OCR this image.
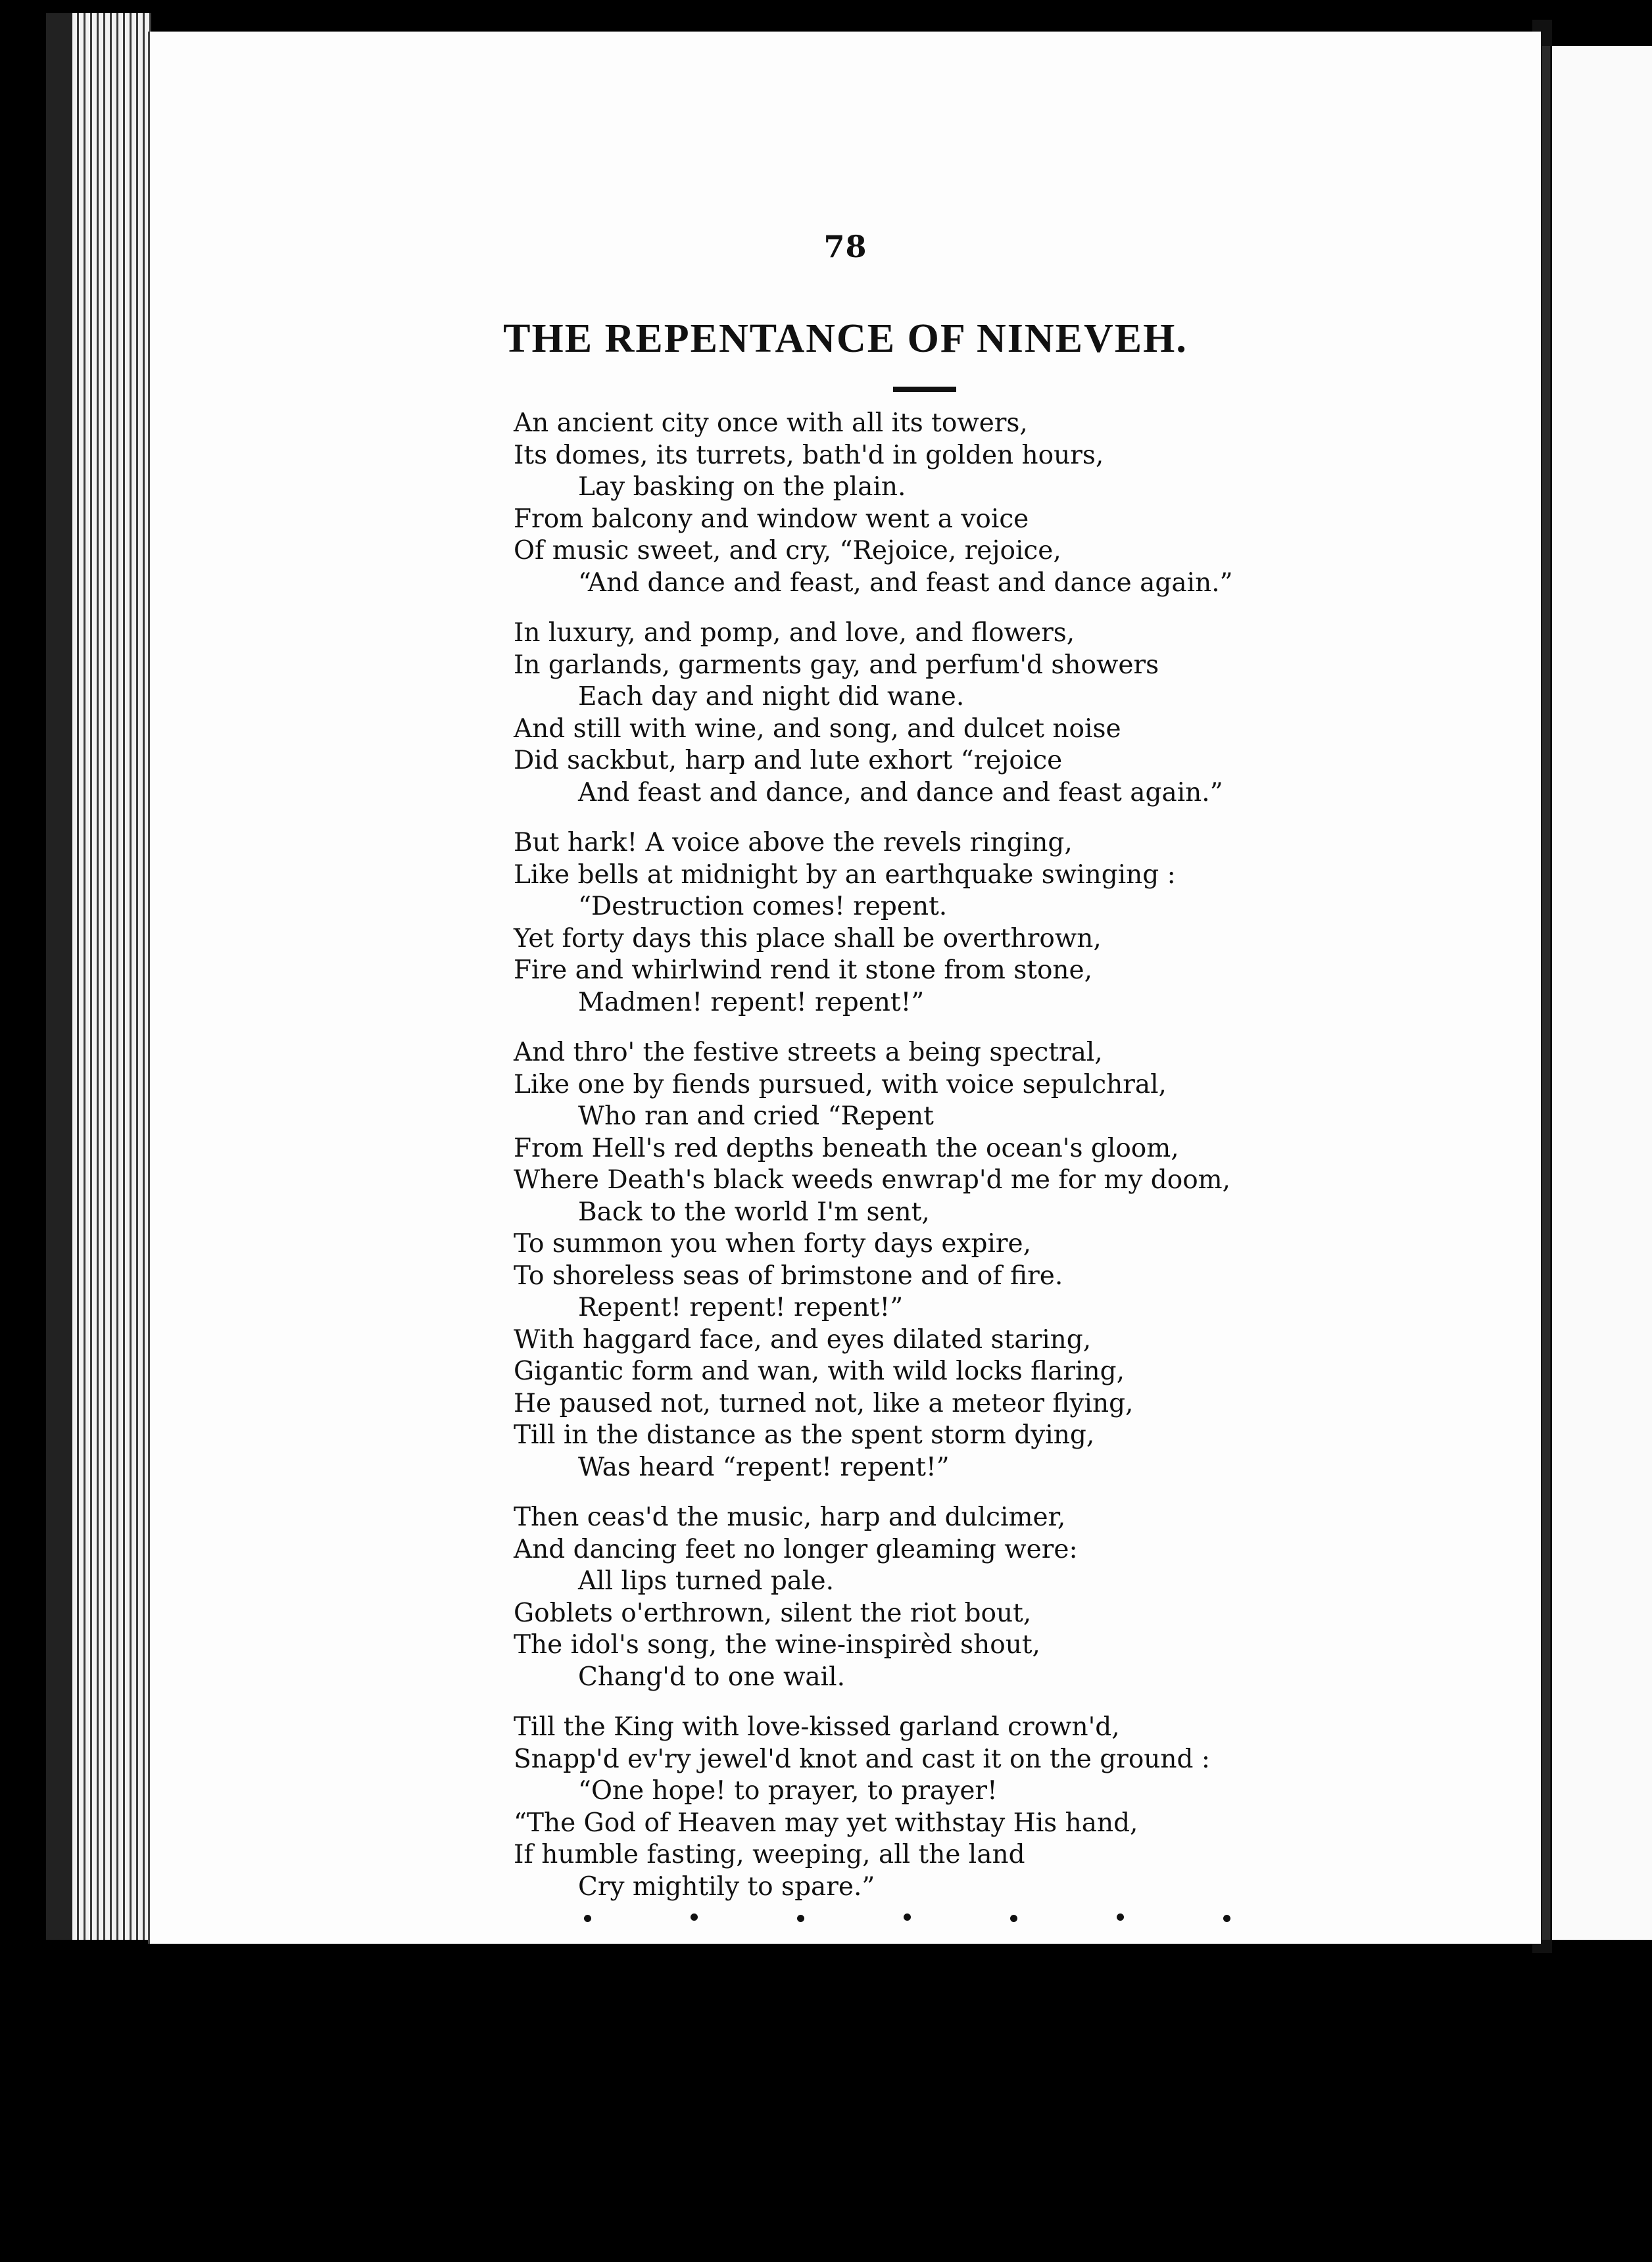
78
THE REPENTANCE OF NINEVEH.
An ancient city once with all its towers,
Its domes, its turrets, bath'd in golden hours,
Lay basking on the plain.
From balcony and window went a voice
Of music sweet, and cry, “Rejoice, rejoice,
“And dance and feast, and feast and dance again.”
In luxury, and pomp, and love, and flowers,
In garlands, garments gay, and perfum'd showers
Each day and night did wane.
And still with wine, and song, and dulcet noise
Did sackbut, harp and lute exhort “rejoice
And feast and dance, and dance and feast again.”
But hark! A voice above the revels ringing,
Like bells at midnight by an earthquake swinging :
“Destruction comes! repent.
Yet forty days this place shall be overthrown,
Fire and whirlwind rend it stone from stone,
Madmen! repent! repent!”
And thro' the festive streets a being spectral,
Like one by fiends pursued, with voice sepulchral,
Who ran and cried “Repent
From Hell's red depths beneath the ocean's gloom,
Where Death's black weeds enwrap'd me for my doom,
Back to the world I'm sent,
To summon you when forty days expire,
To shoreless seas of brimstone and of fire.
Repent! repent! repent!”
With haggard face, and eyes dilated staring,
Gigantic form and wan, with wild locks flaring,
He paused not, turned not, like a meteor flying,
Till in the distance as the spent storm dying,
Was heard “repent! repent!”
Then ceas'd the music, harp and dulcimer,
And dancing feet no longer gleaming were:
All lips turned pale.
Goblets o'erthrown, silent the riot bout,
The idol's song, the wine-inspirèd shout,
Chang'd to one wail.
Till the King with love-kissed garland crown'd,
Snapp'd ev'ry jewel'd knot and cast it on the ground :
“One hope! to prayer, to prayer!
“The God of Heaven may yet withstay His hand,
If humble fasting, weeping, all the land
Cry mightily to spare.”
